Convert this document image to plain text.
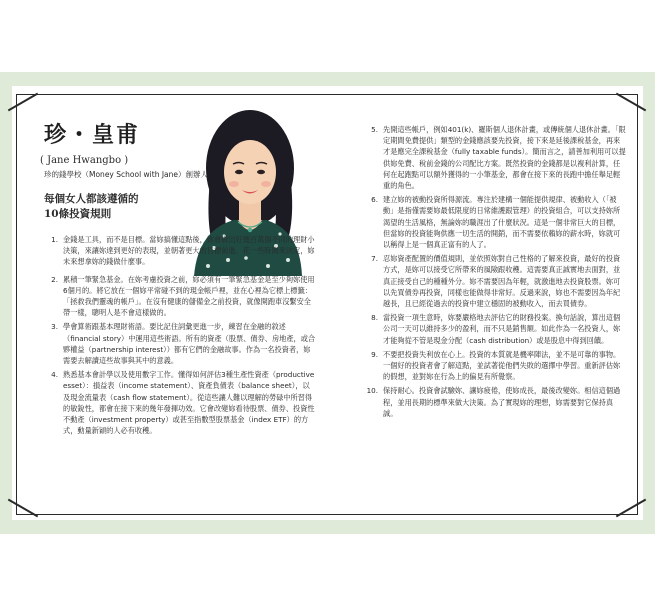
珍・皇甫
( Jane Hwangbo )
珍的錢學校（Money School with Jane）創辦人
每個女人都該遵循的
10條投資規則
1. 金錢是工具，而不是目標。當妳搞懂這點後，妳會做出好幾百萬個不同的理財小決策，來讓妳達到更好的表現，並朝著更大的目標前進。花一些時間來決定，妳未來想拿妳的錢做什麼事。
2. 累積一筆緊急基金。在妳考慮投資之前，妳必須有一筆緊急基金是至少夠妳使用6個月的。將它放在一個妳平常碰不到的現金帳戶裡，並在心裡為它標上標籤：「拯救我們靈魂的帳戶」。在沒有健康的儲備金之前投資，就像開跑車沒繫安全帶一樣，聰明人是不會這樣做的。
3. 學會算術跟基本理財術語。要比記住詞彙更進一步，練習在金融的敘述（financial story）中運用這些術語。所有的資產（股票、債券、房地產，或合夥權益（partnership interest））都有它們的金融故事。作為一名投資者，妳需要去解讀這些故事與其中的意義。
4. 熟悉基本會計學以及使用數字工作。懂得如何評估3種生產性資產（productive esset）：損益表（income statement）、資產負債表（balance sheet），以及現金流量表（cash flow statement）。從這些讓人難以理解的勞碌中所習得的敏銳性，都會在接下來的幾年發揮功效。它會改變妳看待股票、債券、投資性不動產（investment property）或甚至指數型股票基金（index ETF）的方式，動量新穎的人必有收穫。
5. 先開這些帳戶，例如401(k)、羅斯個人退休計畫，或傳統個人退休計畫。「限定期間免費提供」類型的金錢應該要先投資，接下來是延後課稅基金，再來才是應完全課稅基金（fully taxable funds）。簡而言之，請善加利用可以提供妳免費、稅前金錢的公司配比方案。既然投資的金錢都是以複利計算，任何在起跑點可以額外獲得的一小筆基金，都會在接下來的長跑中擔任舉足輕重的角色。
6. 建立妳的被動投資所得源流。專注於建構一個能提供規律、被動收入（「被動」是指僅需要妳最低限度的日常維護跟管理）的投資組合，可以支持妳所渴望的生活風格，無論妳的職涯出了什麼狀況。這是一個非常巨大的目標，但當妳的投資能夠供應一切生活的開銷，而不需要依賴妳的薪水時，妳就可以稱得上是一個真正富有的人了。
7. 忍妳資產配置的價值規則，並依照妳對自己性格的了解來投資，最好的投資方式，是妳可以接受它所帶來的風險跟收穫。這需要真正誠實地去面對，並真正接受自己的種種外分。妳不需要因為年輕，就激進地去投資股票。妳可以先買債券再投資，同樣也能做得非常好。反過來說，妳也不需要因為年紀越長，且已經從過去的投資中建立穩固的被動收入，而去買債券。
8. 當投資一項生意時，妳要嚴格地去評估它的財務投案。換句話說，算出這個公司一天可以維持多少的盈利，而不只是銷售額。如此作為一名投資人，妳才能夠從不管是現金分配（cash distribution）或是股息中得到回饋。
9. 不要把投資失利放在心上。投資的本質就是機率陣法，並不是可靠的事物。一個好的投資者會了解這點，並試著從他們失敗的選擇中學習。重新評估妳的假想，並對妳在行為上的偏見有所覺察。
10. 保持耐心。投資會試驗妳、讓妳疲倦，使妳成長，最後改變妳。相信這個過程，並用長期的標準來做大決策。為了實現妳的理想，妳需要對它保持真誠。
